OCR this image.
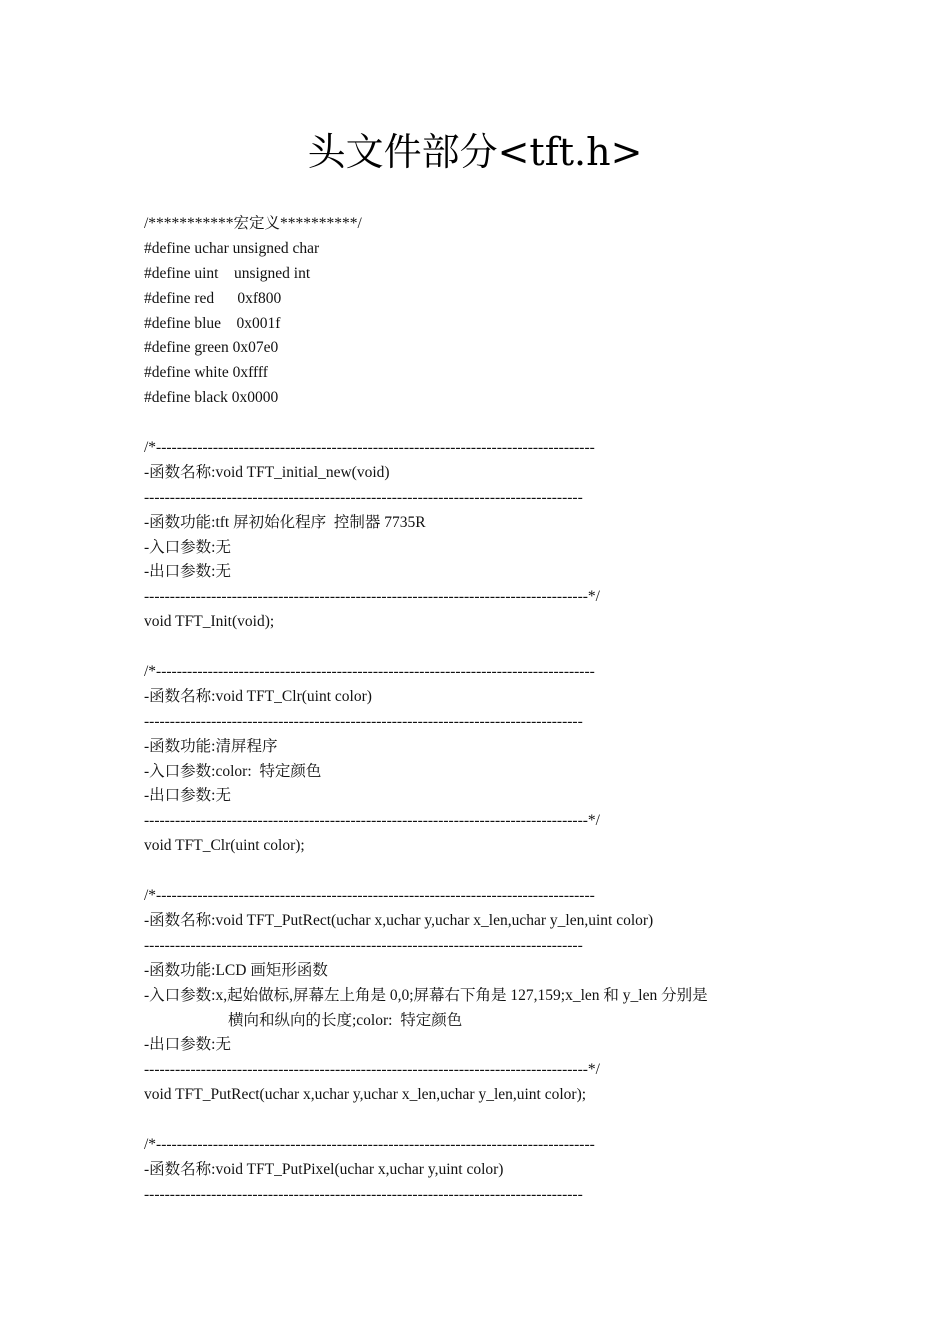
头文件部分<tft.h>
/***********宏定义**********/
#define uchar unsigned char
#define uint    unsigned int
#define red      0xf800
#define blue    0x001f
#define green 0x07e0
#define white 0xffff
#define black 0x0000
/*-------------------------------------------------------------------------------------
-函数名称:void TFT_initial_new(void)
-------------------------------------------------------------------------------------
-函数功能:tft 屏初始化程序  控制器 7735R
-入口参数:无
-出口参数:无
--------------------------------------------------------------------------------------*/
void TFT_Init(void);
/*-------------------------------------------------------------------------------------
-函数名称:void TFT_Clr(uint color)
-------------------------------------------------------------------------------------
-函数功能:清屏程序
-入口参数:color:  特定颜色
-出口参数:无
--------------------------------------------------------------------------------------*/
void TFT_Clr(uint color);
/*-------------------------------------------------------------------------------------
-函数名称:void TFT_PutRect(uchar x,uchar y,uchar x_len,uchar y_len,uint color)
-------------------------------------------------------------------------------------
-函数功能:LCD 画矩形函数
-入口参数:x,起始做标,屏幕左上角是 0,0;屏幕右下角是 127,159;x_len 和 y_len 分别是
横向和纵向的长度;color:  特定颜色
-出口参数:无
--------------------------------------------------------------------------------------*/
void TFT_PutRect(uchar x,uchar y,uchar x_len,uchar y_len,uint color);
/*-------------------------------------------------------------------------------------
-函数名称:void TFT_PutPixel(uchar x,uchar y,uint color)
-------------------------------------------------------------------------------------
